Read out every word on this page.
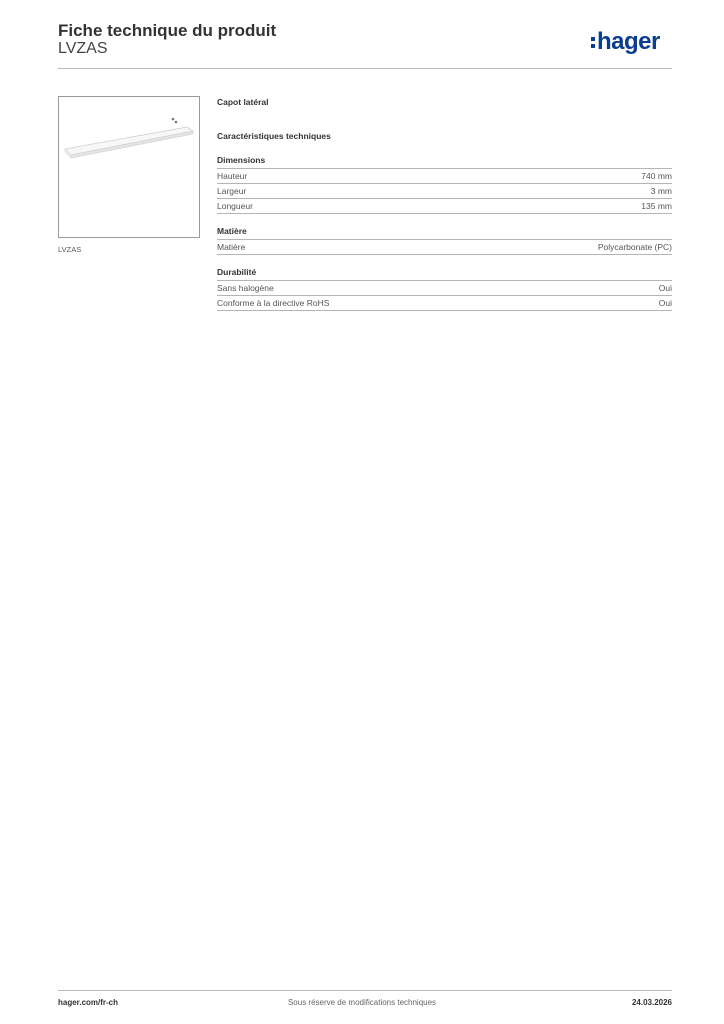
Fiche technique du produit
LVZAS	hager
LVZAS
Capot latéral
Caractéristiques techniques
Dimensions
Hauteur	740 mm
Largeur	3 mm
Longueur	135 mm
Matière
Matière	Polycarbonate (PC)
Durabilité
Sans halogène	Oui
Conforme à la directive RoHS	Oui
hager.com/fr-ch	Sous réserve de modifications techniques	24.03.2026
